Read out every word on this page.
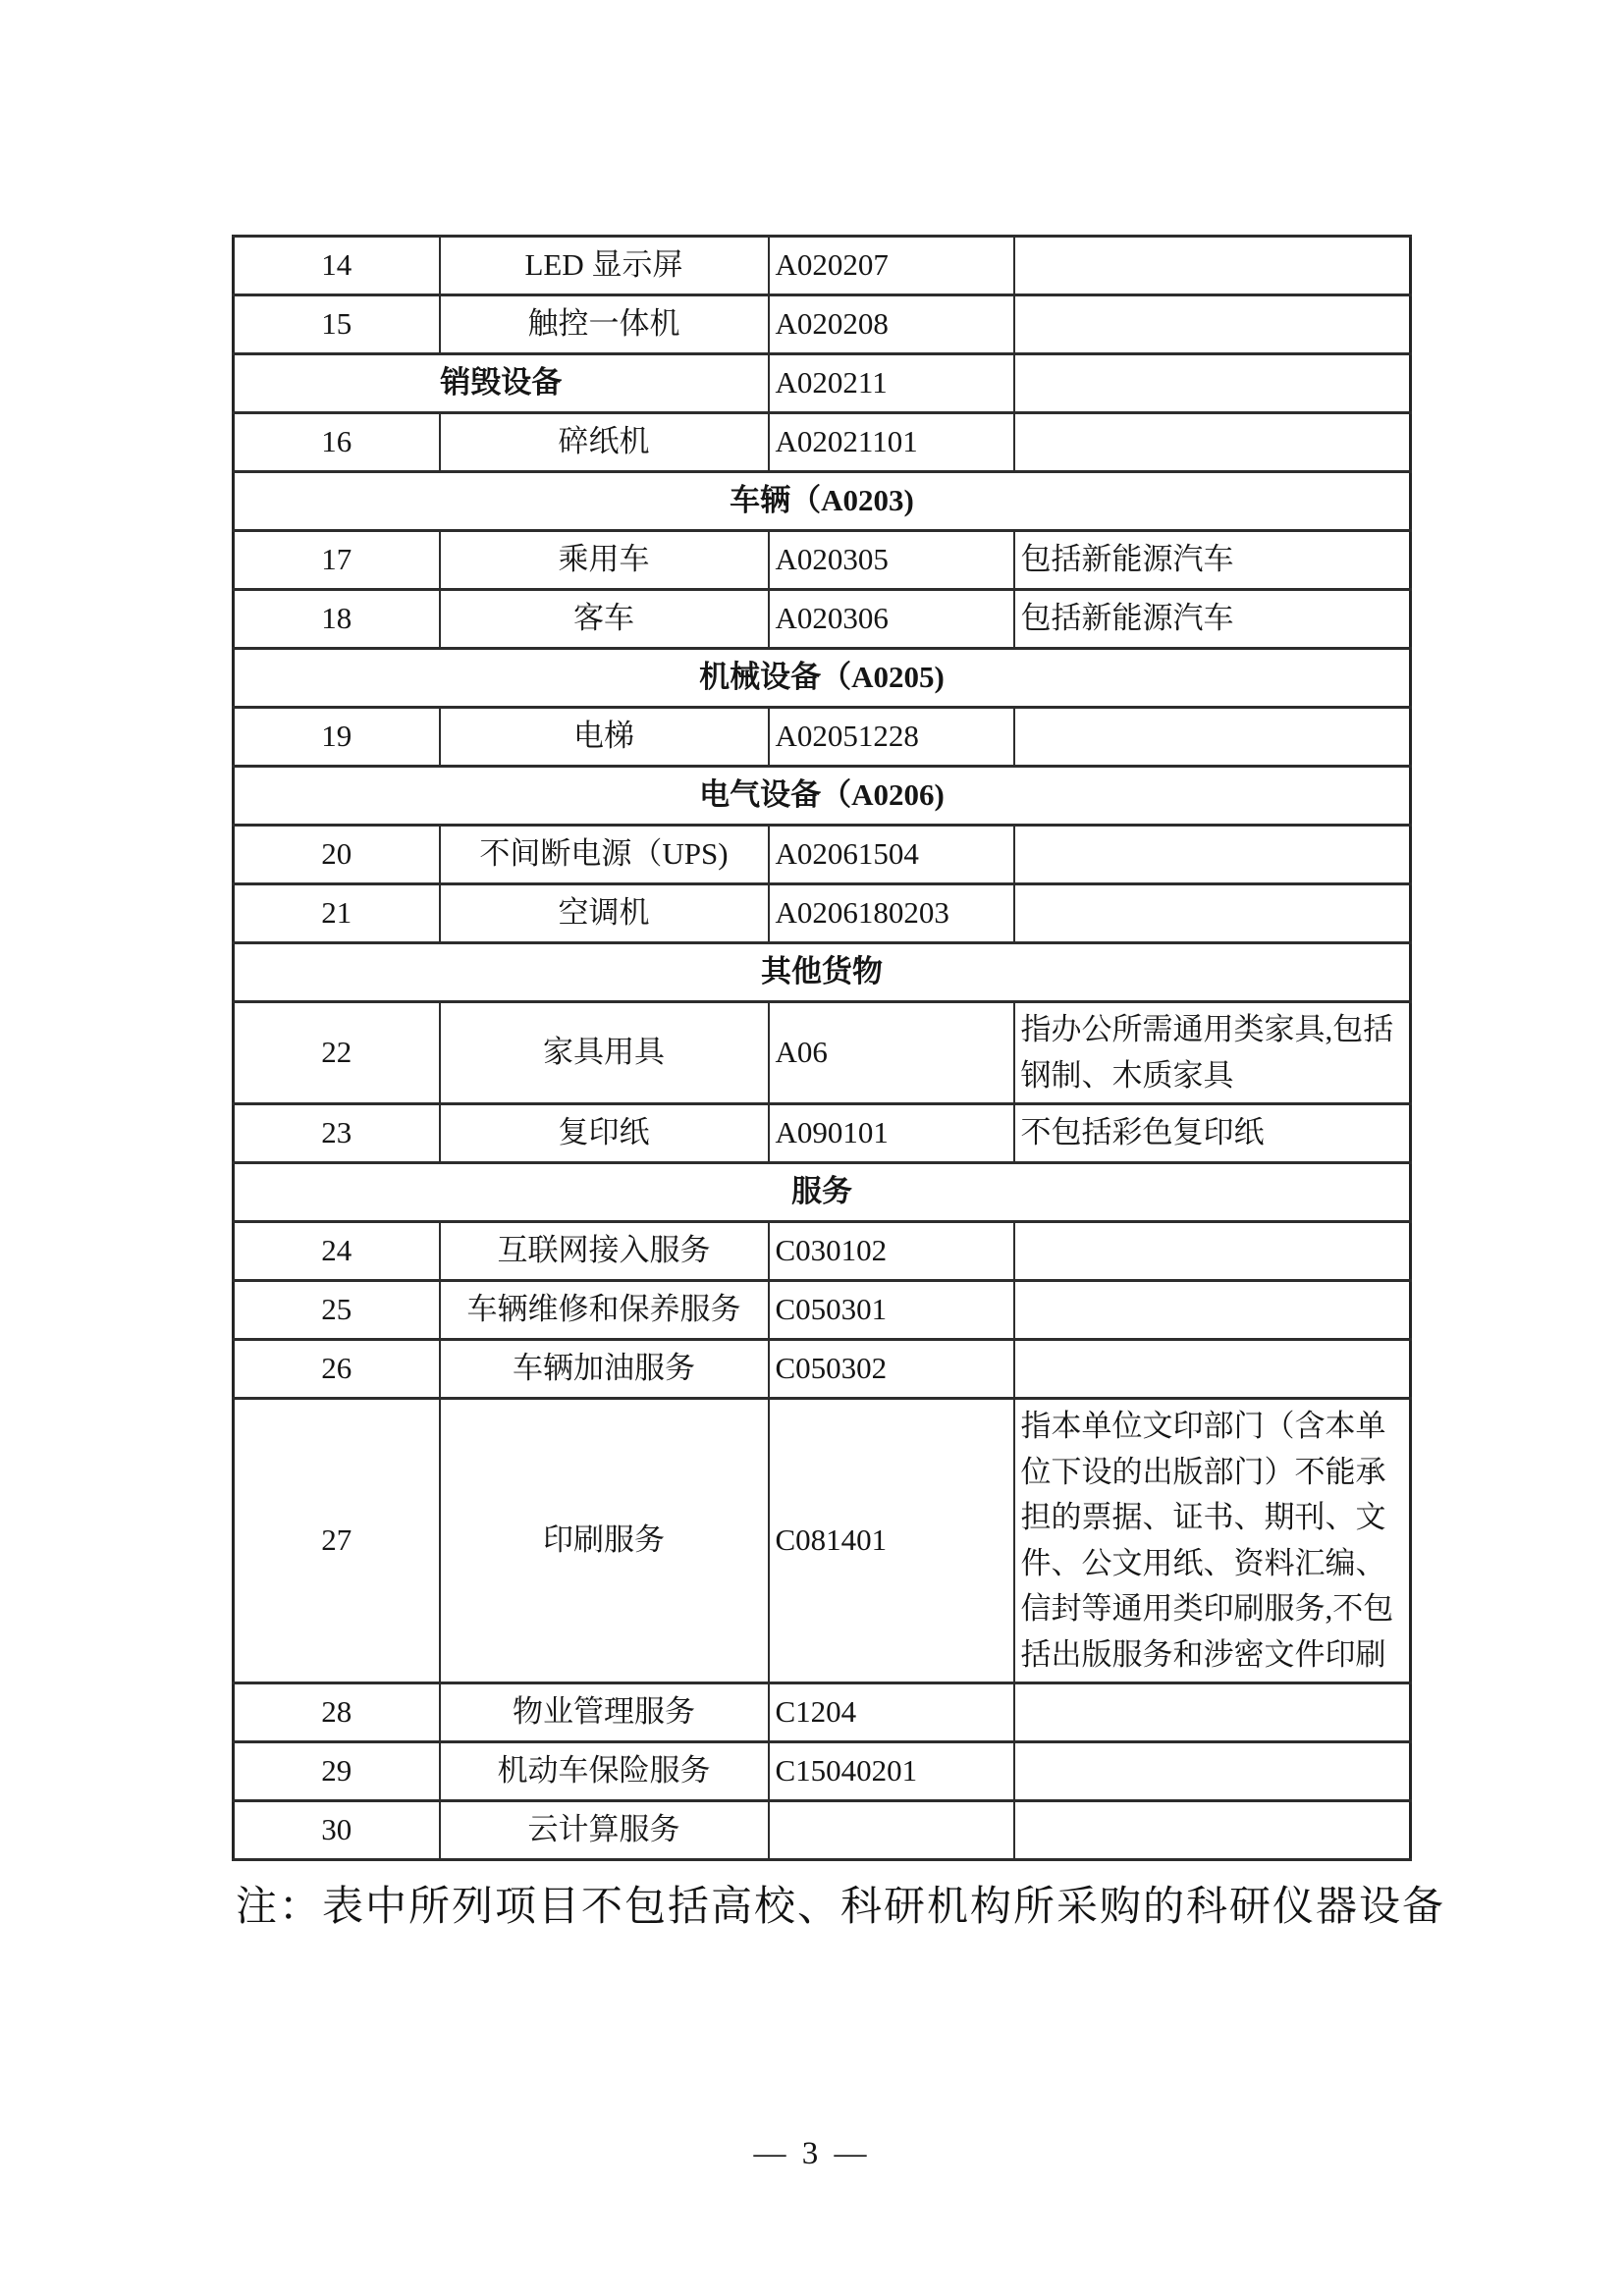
14	LED 显示屏	A020207	
15	触控一体机	A020208	
销毁设备		A020211	
16	碎纸机	A02021101	
车辆（A0203)			
17	乘用车	A020305	包括新能源汽车
18	客车	A020306	包括新能源汽车
机械设备（A0205)			
19	电梯	A02051228	
电气设备（A0206)			
20	不间断电源（UPS)	A02061504	
21	空调机	A0206180203	
其他货物			
22	家具用具	A06	指办公所需通用类家具,包括钢制、木质家具
23	复印纸	A090101	不包括彩色复印纸
服务			
24	互联网接入服务	C030102	
25	车辆维修和保养服务	C050301	
26	车辆加油服务	C050302	
27	印刷服务	C081401	指本单位文印部门（含本单位下设的出版部门）不能承担的票据、证书、期刊、文件、公文用纸、资料汇编、信封等通用类印刷服务,不包括出版服务和涉密文件印刷
28	物业管理服务	C1204	
29	机动车保险服务	C15040201	
30	云计算服务		
注：表中所列项目不包括高校、科研机构所采购的科研仪器设备
— 3 —
